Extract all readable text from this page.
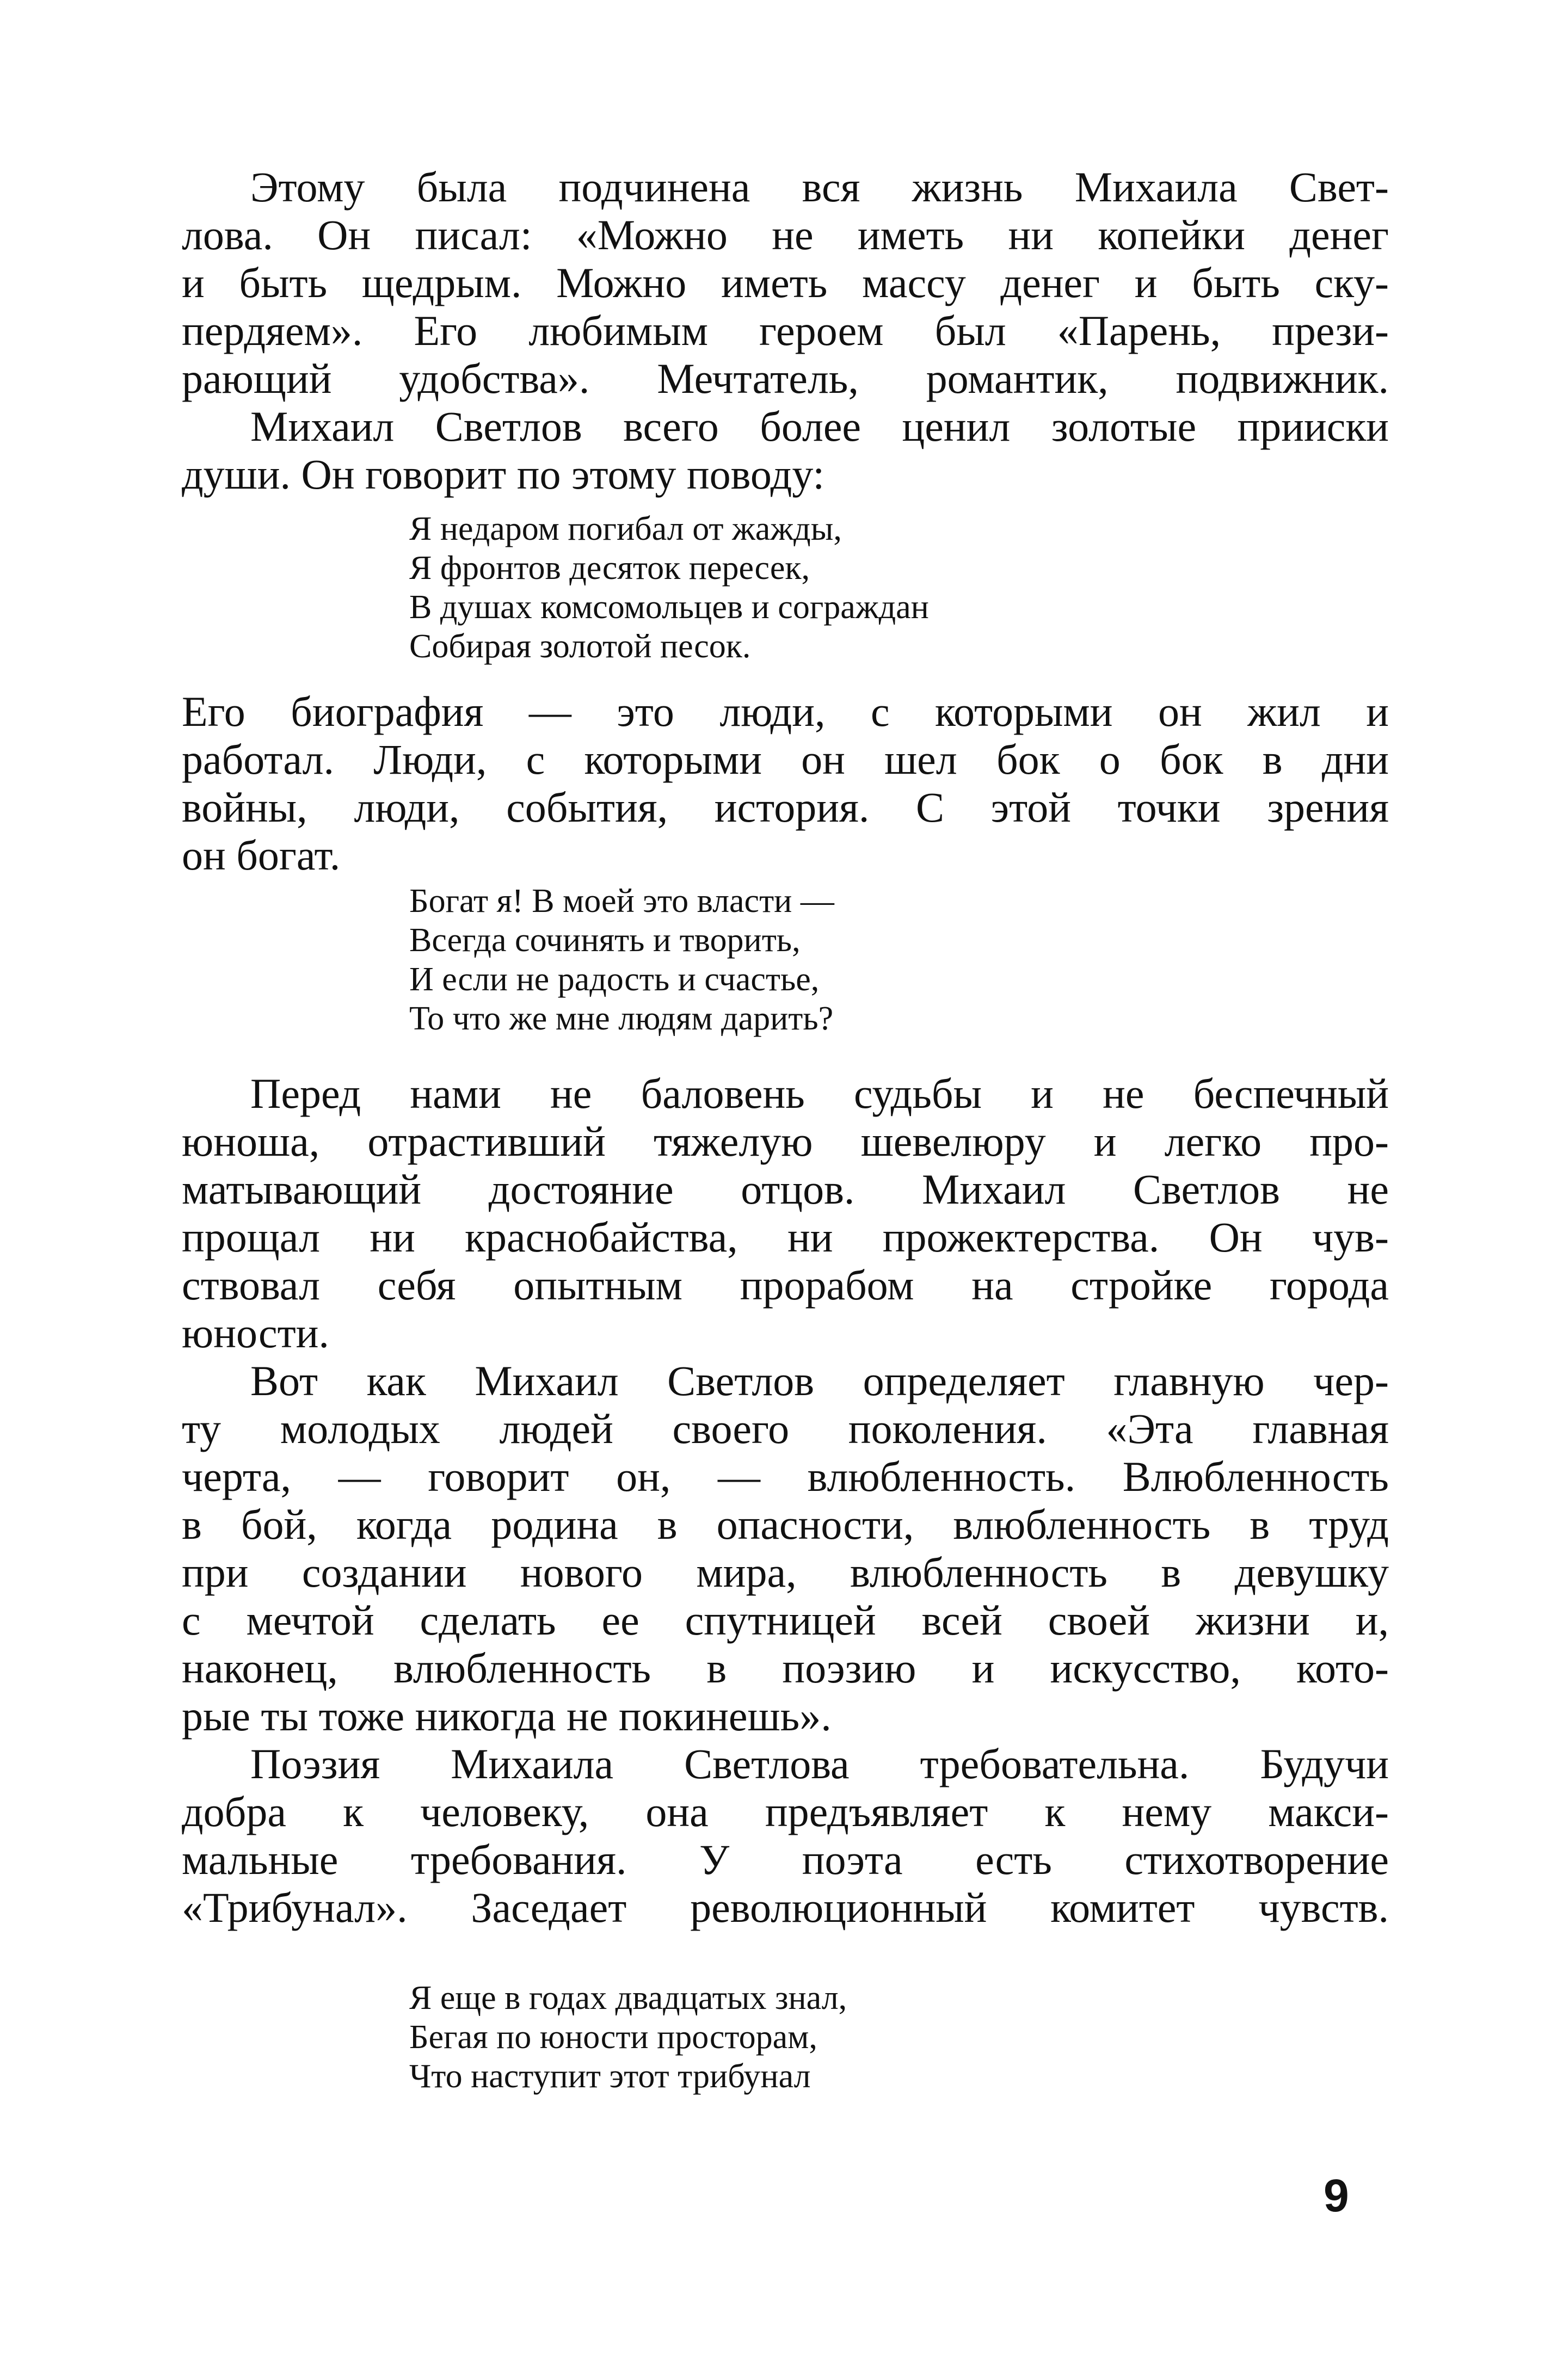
Этому была подчинена вся жизнь Михаила Свет-
лова. Он писал: «Можно не иметь ни копейки денег
и быть щедрым. Можно иметь массу денег и быть ску-
пердяем». Его любимым героем был «Парень, прези-
рающий удобства». Мечтатель, романтик, подвижник.
Михаил Светлов всего более ценил золотые прииски
души. Он говорит по этому поводу:
Я недаром погибал от жажды,
Я фронтов десяток пересек,
В душах комсомольцев и сограждан
Собирая золотой песок.
Его биография — это люди, с которыми он жил и
работал. Люди, с которыми он шел бок о бок в дни
войны, люди, события, история. С этой точки зрения
он богат.
Богат я! В моей это власти —
Всегда сочинять и творить,
И если не радость и счастье,
То что же мне людям дарить?
Перед нами не баловень судьбы и не беспечный
юноша, отрастивший тяжелую шевелюру и легко про-
матывающий достояние отцов. Михаил Светлов не
прощал ни краснобайства, ни прожектерства. Он чув-
ствовал себя опытным прорабом на стройке города
юности.
Вот как Михаил Светлов определяет главную чер-
ту молодых людей своего поколения. «Эта главная
черта, — говорит он, — влюбленность. Влюбленность
в бой, когда родина в опасности, влюбленность в труд
при создании нового мира, влюбленность в девушку
с мечтой сделать ее спутницей всей своей жизни и,
наконец, влюбленность в поэзию и искусство, кото-
рые ты тоже никогда не покинешь».
Поэзия Михаила Светлова требовательна. Будучи
добра к человеку, она предъявляет к нему макси-
мальные требования. У поэта есть стихотворение
«Трибунал». Заседает революционный комитет чувств.
Я еще в годах двадцатых знал,
Бегая по юности просторам,
Что наступит этот трибунал
9
